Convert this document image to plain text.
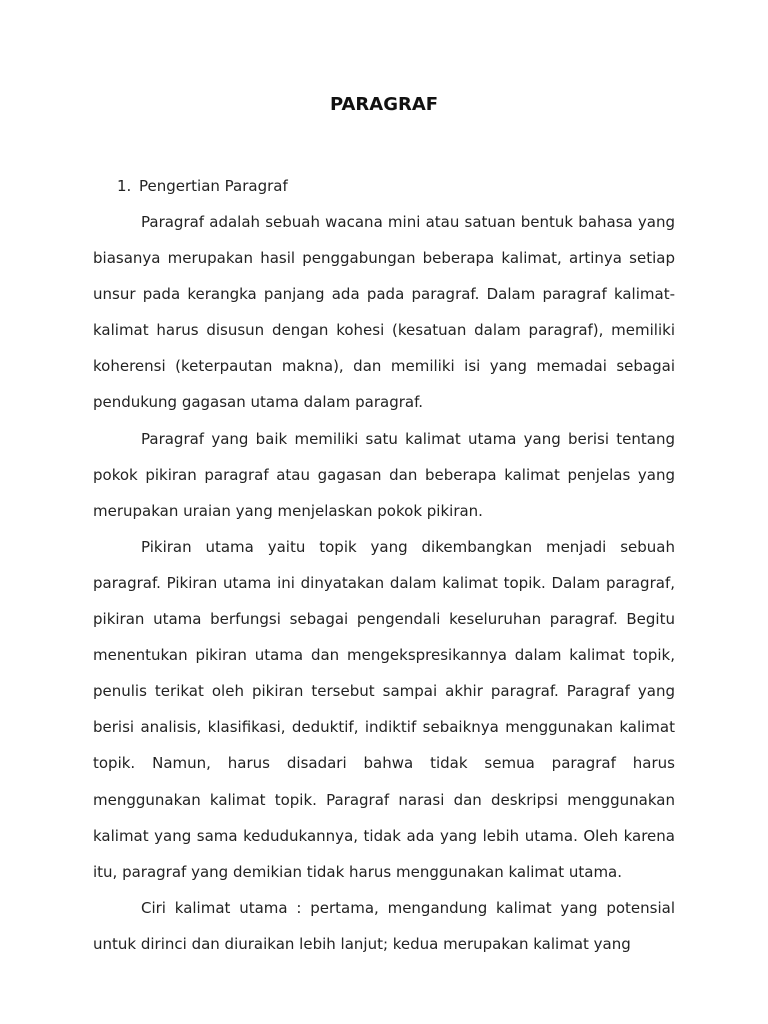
PARAGRAF
1. Pengertian Paragraf

Paragraf adalah sebuah wacana mini atau satuan bentuk bahasa yang biasanya merupakan hasil penggabungan beberapa kalimat, artinya setiap unsur pada kerangka panjang ada pada paragraf. Dalam paragraf kalimat-kalimat harus disusun dengan kohesi (kesatuan dalam paragraf), memiliki koherensi (keterpautan makna), dan memiliki isi yang memadai sebagai pendukung gagasan utama dalam paragraf.

Paragraf yang baik memiliki satu kalimat utama yang berisi tentang pokok pikiran paragraf atau gagasan dan beberapa kalimat penjelas yang merupakan uraian yang menjelaskan pokok pikiran.

Pikiran utama yaitu topik yang dikembangkan menjadi sebuah paragraf. Pikiran utama ini dinyatakan dalam kalimat topik. Dalam paragraf, pikiran utama berfungsi sebagai pengendali keseluruhan paragraf. Begitu menentukan pikiran utama dan mengekspresikannya dalam kalimat topik, penulis terikat oleh pikiran tersebut sampai akhir paragraf. Paragraf yang berisi analisis, klasifikasi, deduktif, indiktif sebaiknya menggunakan kalimat topik. Namun, harus disadari bahwa tidak semua paragraf harus menggunakan kalimat topik. Paragraf narasi dan deskripsi menggunakan kalimat yang sama kedudukannya, tidak ada yang lebih utama. Oleh karena itu, paragraf yang demikian tidak harus menggunakan kalimat utama.

Ciri kalimat utama : pertama, mengandung kalimat yang potensial untuk dirinci dan diuraikan lebih lanjut; kedua merupakan kalimat yang
